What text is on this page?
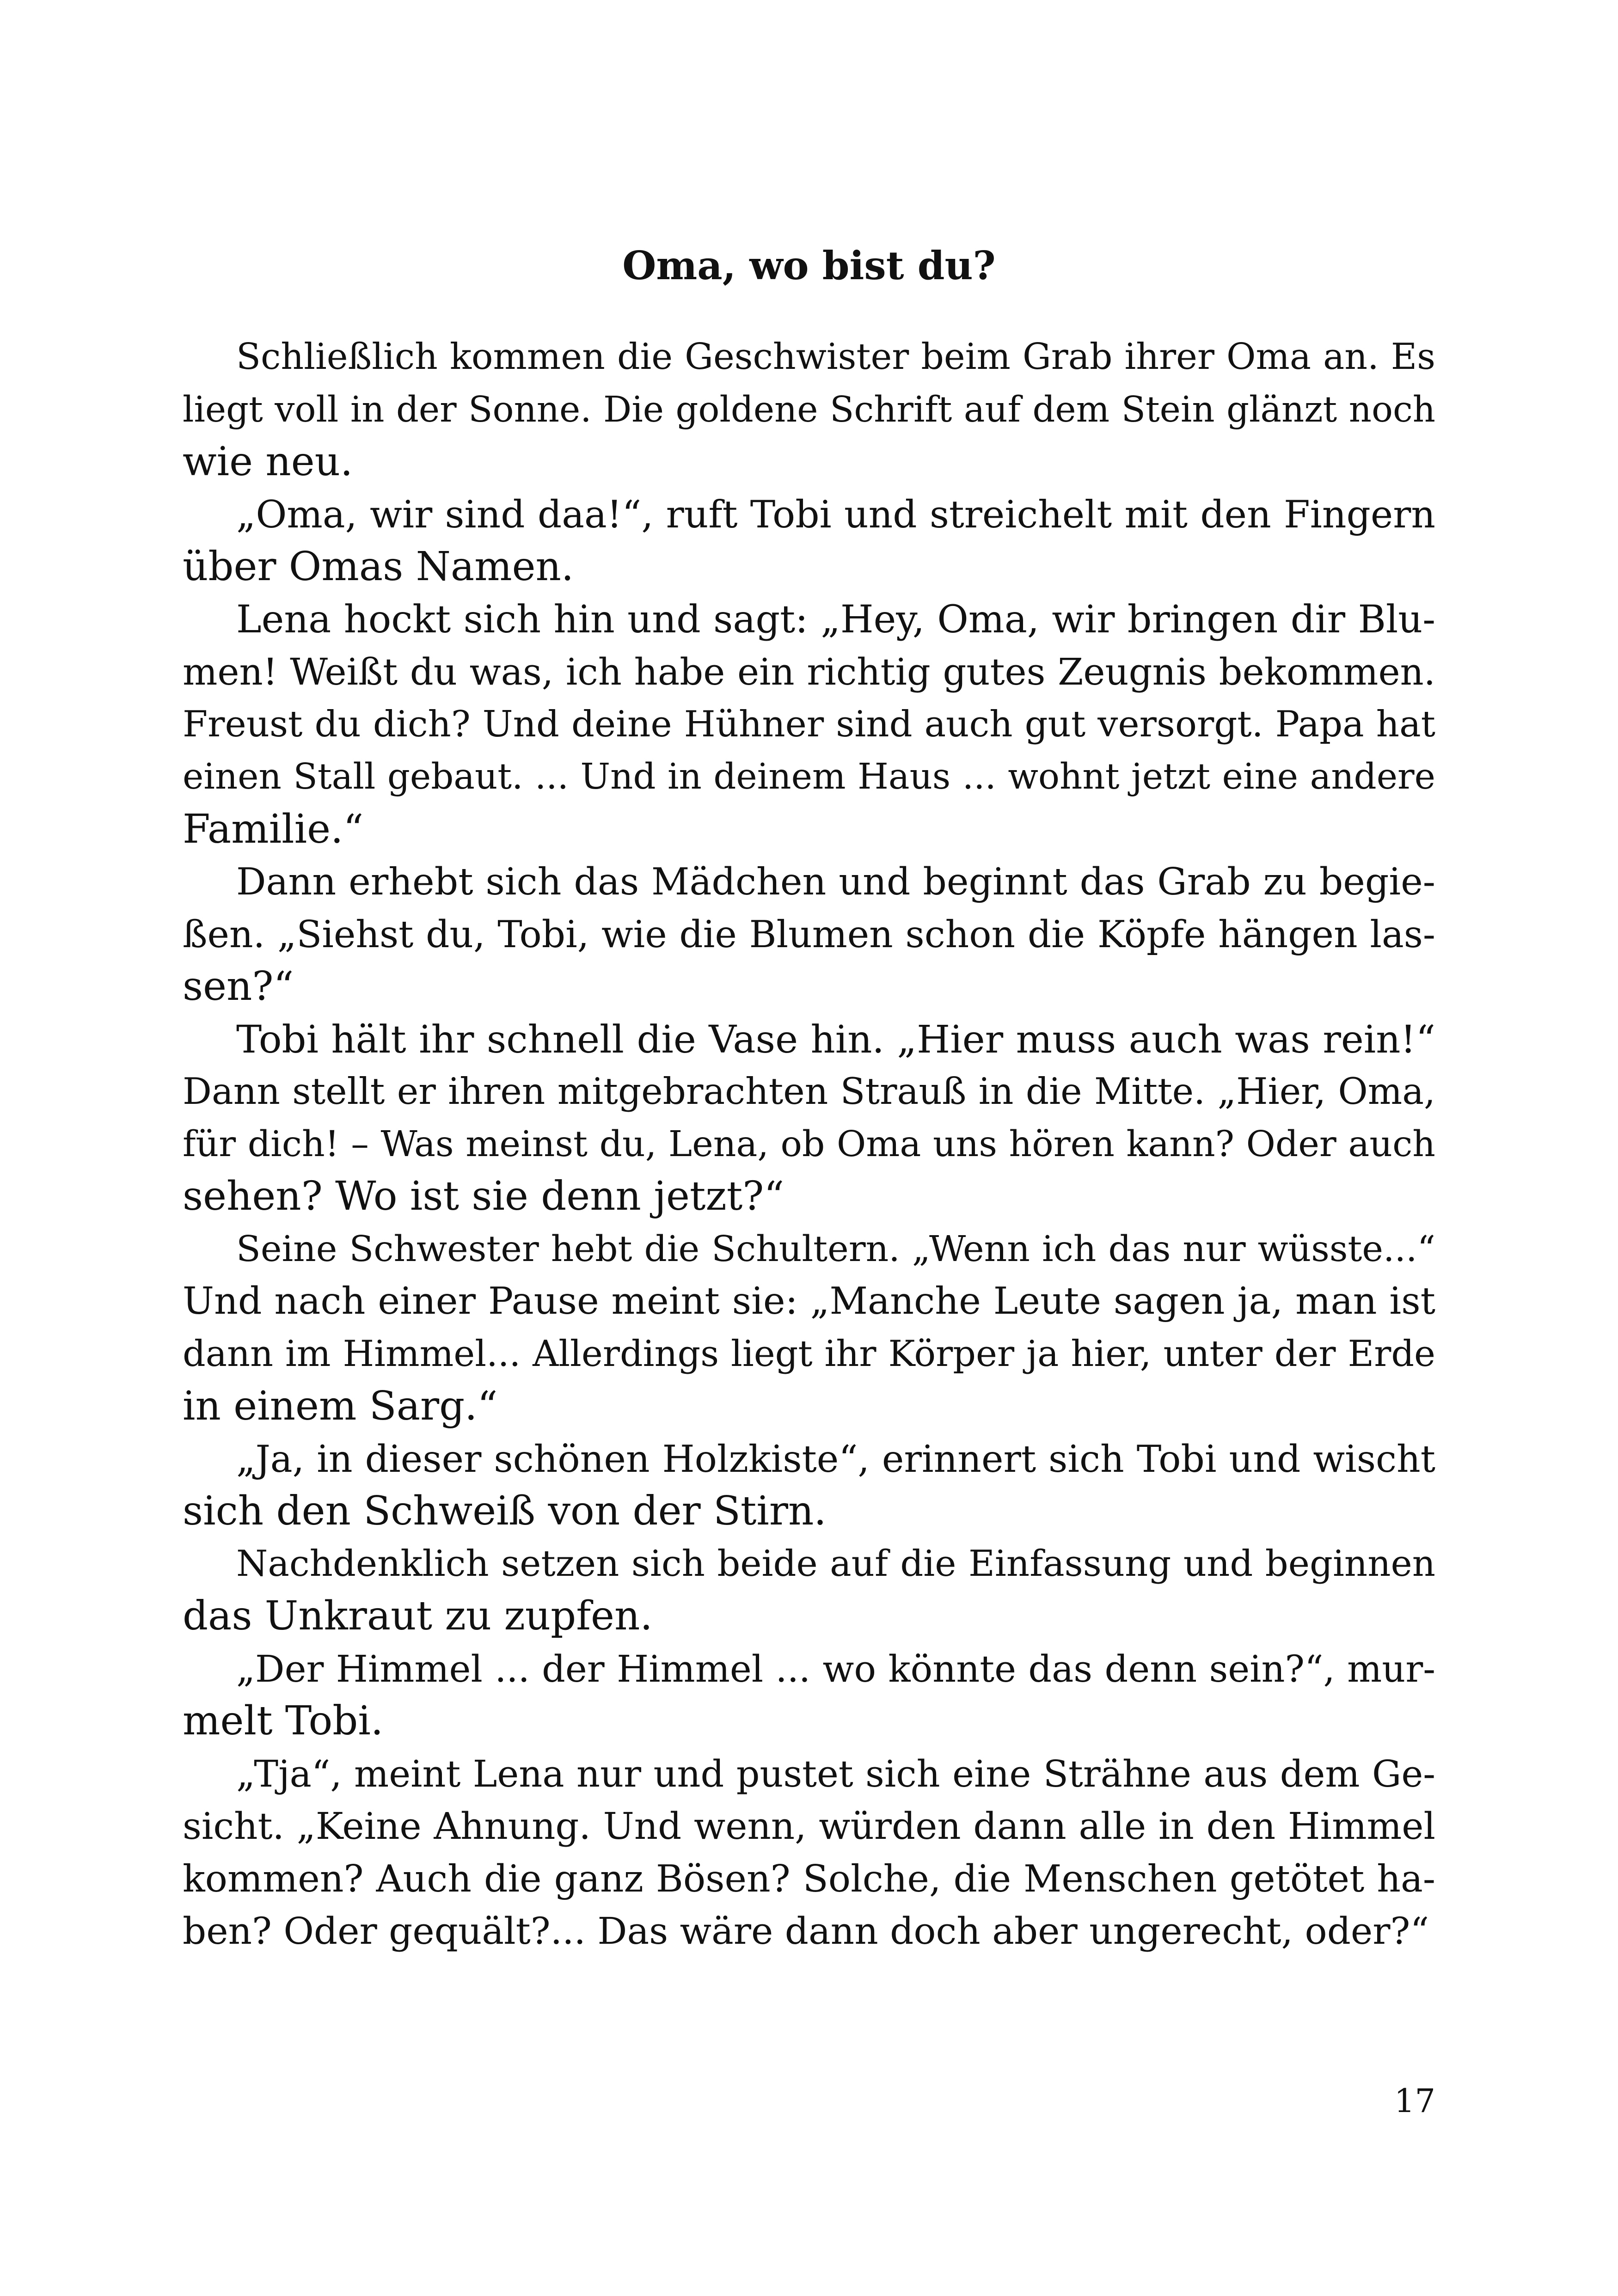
Oma, wo bist du?
Schließlich kommen die Geschwister beim Grab ihrer Oma an. Es
liegt voll in der Sonne. Die goldene Schrift auf dem Stein glänzt noch
wie neu.
„Oma, wir sind daa!“, ruft Tobi und streichelt mit den Fingern
über Omas Namen.
Lena hockt sich hin und sagt: „Hey, Oma, wir bringen dir Blu-
men! Weißt du was, ich habe ein richtig gutes Zeugnis bekommen.
Freust du dich? Und deine Hühner sind auch gut versorgt. Papa hat
einen Stall gebaut. ... Und in deinem Haus ... wohnt jetzt eine andere
Familie.“
Dann erhebt sich das Mädchen und beginnt das Grab zu begie-
ßen. „Siehst du, Tobi, wie die Blumen schon die Köpfe hängen las-
sen?“
Tobi hält ihr schnell die Vase hin. „Hier muss auch was rein!“
Dann stellt er ihren mitgebrachten Strauß in die Mitte. „Hier, Oma,
für dich! – Was meinst du, Lena, ob Oma uns hören kann? Oder auch
sehen? Wo ist sie denn jetzt?“
Seine Schwester hebt die Schultern. „Wenn ich das nur wüsste...“
Und nach einer Pause meint sie: „Manche Leute sagen ja, man ist
dann im Himmel... Allerdings liegt ihr Körper ja hier, unter der Erde
in einem Sarg.“
„Ja, in dieser schönen Holzkiste“, erinnert sich Tobi und wischt
sich den Schweiß von der Stirn.
Nachdenklich setzen sich beide auf die Einfassung und beginnen
das Unkraut zu zupfen.
„Der Himmel ... der Himmel ... wo könnte das denn sein?“, mur-
melt Tobi.
„Tja“, meint Lena nur und pustet sich eine Strähne aus dem Ge-
sicht. „Keine Ahnung. Und wenn, würden dann alle in den Himmel
kommen? Auch die ganz Bösen? Solche, die Menschen getötet ha-
ben? Oder gequält?... Das wäre dann doch aber ungerecht, oder?“
17
